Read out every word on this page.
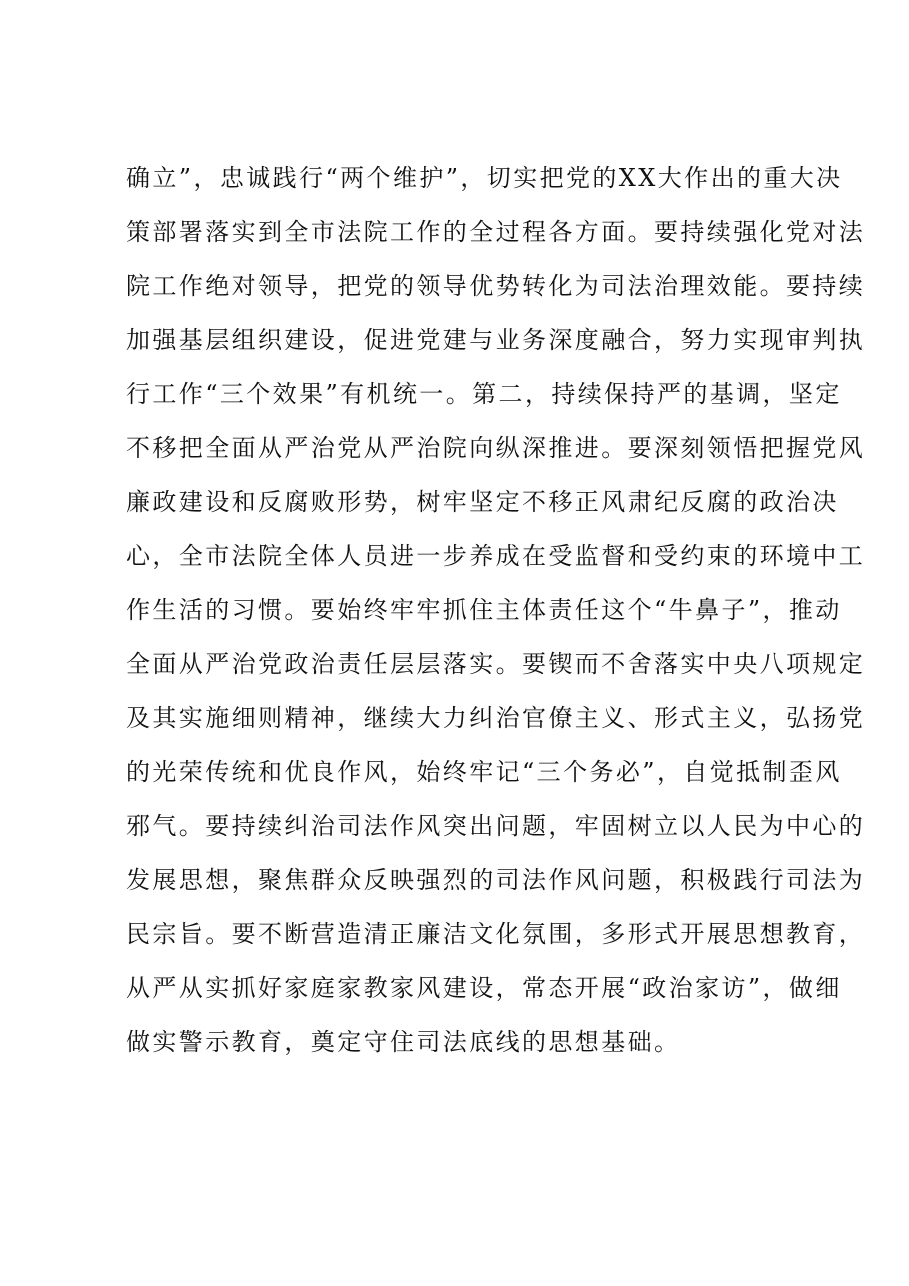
确立”，忠诚践行“两个维护”，切实把党的XX大作出的重大决
策部署落实到全市法院工作的全过程各方面。要持续强化党对法
院工作绝对领导，把党的领导优势转化为司法治理效能。要持续
加强基层组织建设，促进党建与业务深度融合，努力实现审判执
行工作“三个效果”有机统一。第二，持续保持严的基调，坚定
不移把全面从严治党从严治院向纵深推进。要深刻领悟把握党风
廉政建设和反腐败形势，树牢坚定不移正风肃纪反腐的政治决
心，全市法院全体人员进一步养成在受监督和受约束的环境中工
作生活的习惯。要始终牢牢抓住主体责任这个“牛鼻子”，推动
全面从严治党政治责任层层落实。要锲而不舍落实中央八项规定
及其实施细则精神，继续大力纠治官僚主义、形式主义，弘扬党
的光荣传统和优良作风，始终牢记“三个务必”，自觉抵制歪风
邪气。要持续纠治司法作风突出问题，牢固树立以人民为中心的
发展思想，聚焦群众反映强烈的司法作风问题，积极践行司法为
民宗旨。要不断营造清正廉洁文化氛围，多形式开展思想教育，
从严从实抓好家庭家教家风建设，常态开展“政治家访”，做细
做实警示教育，奠定守住司法底线的思想基础。
